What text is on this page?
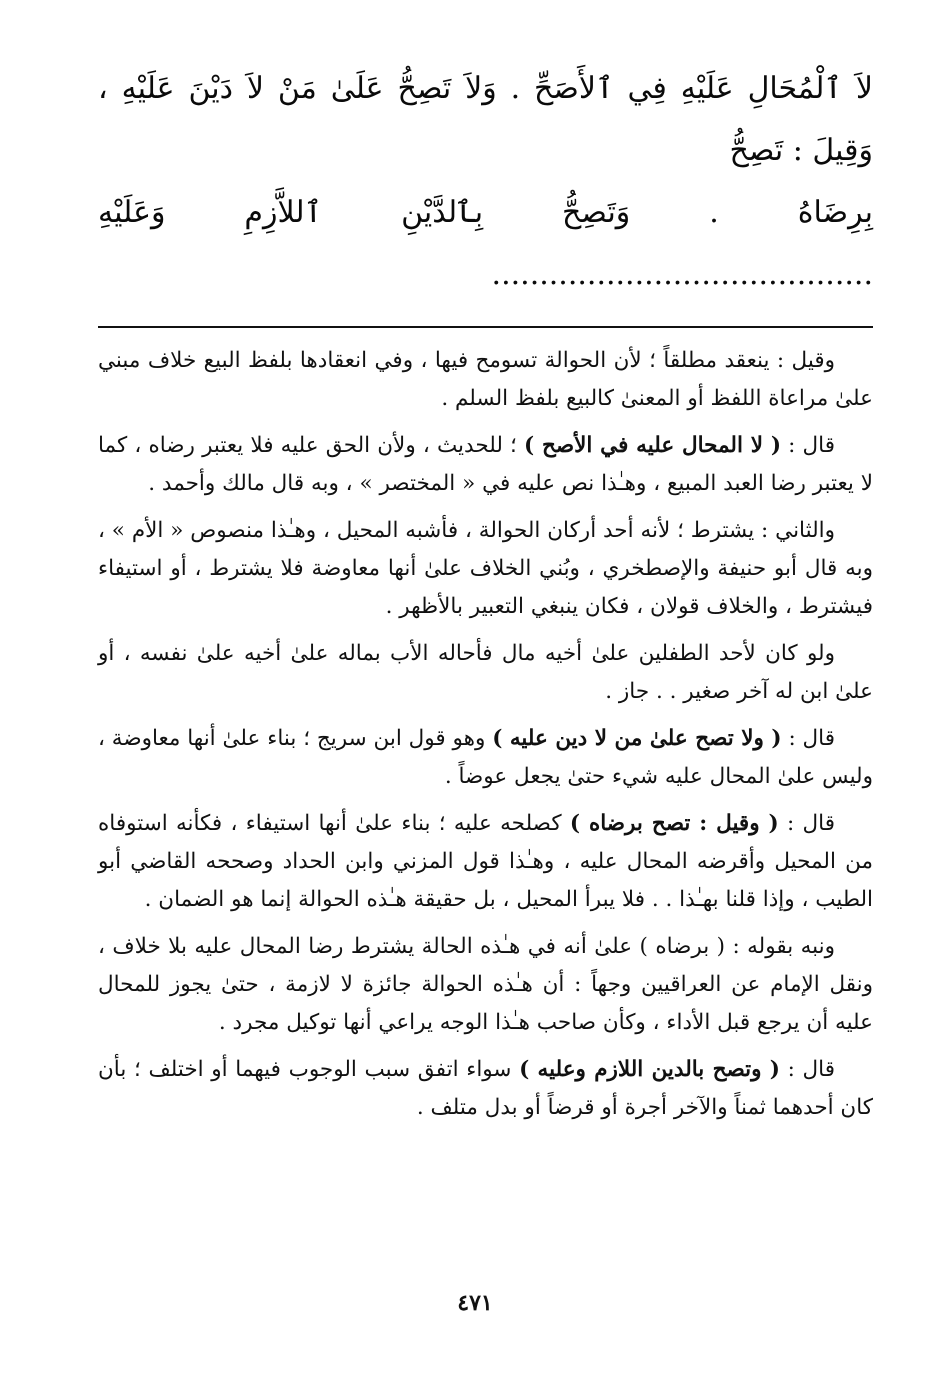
لاَ ٱلْمُحَالِ عَلَيْهِ فِي ٱلأَصَحِّ . وَلاَ تَصِحُّ عَلَىٰ مَنْ لاَ دَيْنَ عَلَيْهِ ، وَقِيلَ : تَصِحُّ
بِرِضَاهُ . وَتَصِحُّ بِٱلدَّيْنِ ٱللاَّزِمِ وَعَلَيْهِ ........................................

وقيل : ينعقد مطلقاً ؛ لأن الحوالة تسومح فيها ، وفي انعقادها بلفظ البيع خلاف مبني علىٰ مراعاة اللفظ أو المعنىٰ كالبيع بلفظ السلم .

قال : ( لا المحال عليه في الأصح ) ؛ للحديث ، ولأن الحق عليه فلا يعتبر رضاه ، كما لا يعتبر رضا العبد المبيع ، وهـٰذا نص عليه في « المختصر » ، وبه قال مالك وأحمد .

والثاني : يشترط ؛ لأنه أحد أركان الحوالة ، فأشبه المحيل ، وهـٰذا منصوص « الأم » ، وبه قال أبو حنيفة والإصطخري ، وبُني الخلاف علىٰ أنها معاوضة فلا يشترط ، أو استيفاء فيشترط ، والخلاف قولان ، فكان ينبغي التعبير بالأظهر .

ولو كان لأحد الطفلين علىٰ أخيه مال فأحاله الأب بماله علىٰ أخيه علىٰ نفسه ، أو علىٰ ابن له آخر صغير . . جاز .

قال : ( ولا تصح علىٰ من لا دين عليه ) وهو قول ابن سريج ؛ بناء علىٰ أنها معاوضة ، وليس علىٰ المحال عليه شيء حتىٰ يجعل عوضاً .

قال : ( وقيل : تصح برضاه ) كصلحه عليه ؛ بناء علىٰ أنها استيفاء ، فكأنه استوفاه من المحيل وأقرضه المحال عليه ، وهـٰذا قول المزني وابن الحداد وصححه القاضي أبو الطيب ، وإذا قلنا بهـٰذا . . فلا يبرأ المحيل ، بل حقيقة هـٰذه الحوالة إنما هو الضمان .

ونبه بقوله : ( برضاه ) علىٰ أنه في هـٰذه الحالة يشترط رضا المحال عليه بلا خلاف ، ونقل الإمام عن العراقيين وجهاً : أن هـٰذه الحوالة جائزة لا لازمة ، حتىٰ يجوز للمحال عليه أن يرجع قبل الأداء ، وكأن صاحب هـٰذا الوجه يراعي أنها توكيل مجرد .

قال : ( وتصح بالدين اللازم وعليه ) سواء اتفق سبب الوجوب فيهما أو اختلف ؛ بأن كان أحدهما ثمناً والآخر أجرة أو قرضاً أو بدل متلف .

٤٧١
